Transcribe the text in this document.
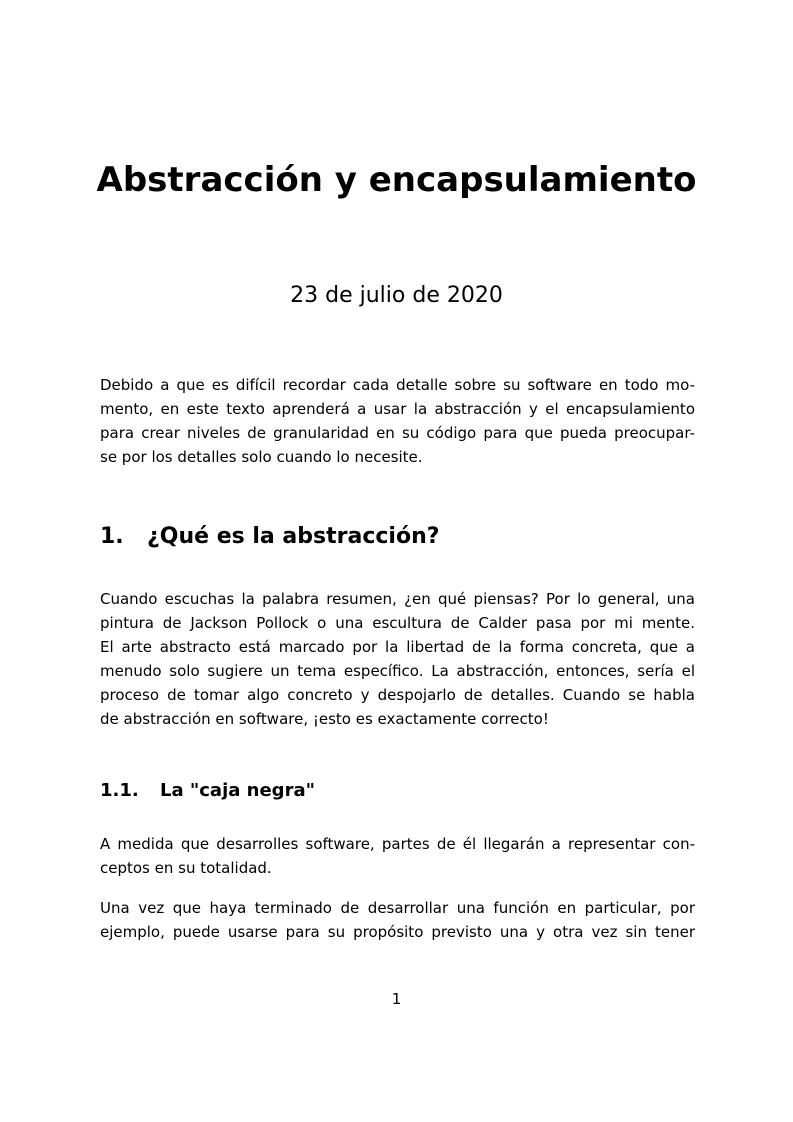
Abstracción y encapsulamiento

23 de julio de 2020

Debido a que es difícil recordar cada detalle sobre su software en todo mo-
mento, en este texto aprenderá a usar la abstracción y el encapsulamiento
para crear niveles de granularidad en su código para que pueda preocupar-
se por los detalles solo cuando lo necesite.
1. ¿Qué es la abstracción?
Cuando escuchas la palabra resumen, ¿en qué piensas? Por lo general, una
pintura de Jackson Pollock o una escultura de Calder pasa por mi mente.
El arte abstracto está marcado por la libertad de la forma concreta, que a
menudo solo sugiere un tema específico. La abstracción, entonces, sería el
proceso de tomar algo concreto y despojarlo de detalles. Cuando se habla
de abstracción en software, ¡esto es exactamente correcto!
1.1. La "caja negra"
A medida que desarrolles software, partes de él llegarán a representar con-
ceptos en su totalidad.
Una vez que haya terminado de desarrollar una función en particular, por
ejemplo, puede usarse para su propósito previsto una y otra vez sin tener

1
